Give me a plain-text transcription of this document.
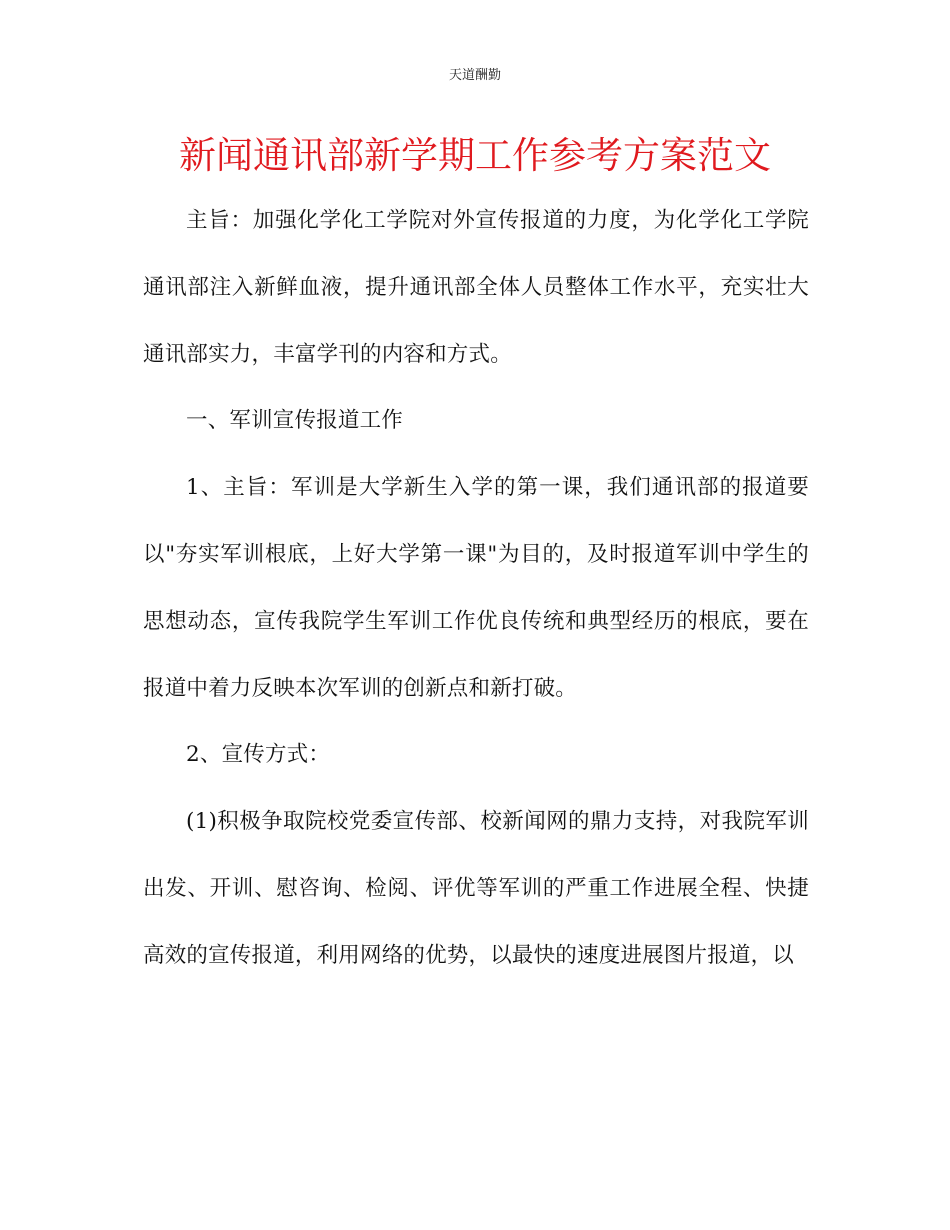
天道酬勤
新闻通讯部新学期工作参考方案范文

主旨：加强化学化工学院对外宣传报道的力度，为化学化工学院通讯部注入新鲜血液，提升通讯部全体人员整体工作水平，充实壮大通讯部实力，丰富学刊的内容和方式。

一、军训宣传报道工作

1、主旨：军训是大学新生入学的第一课，我们通讯部的报道要以"夯实军训根底，上好大学第一课"为目的，及时报道军训中学生的思想动态，宣传我院学生军训工作优良传统和典型经历的根底，要在报道中着力反映本次军训的创新点和新打破。

2、宣传方式：

(1)积极争取院校党委宣传部、校新闻网的鼎力支持，对我院军训出发、开训、慰咨询、检阅、评优等军训的严重工作进展全程、快捷高效的宣传报道，利用网络的优势，以最快的速度进展图片报道，以
